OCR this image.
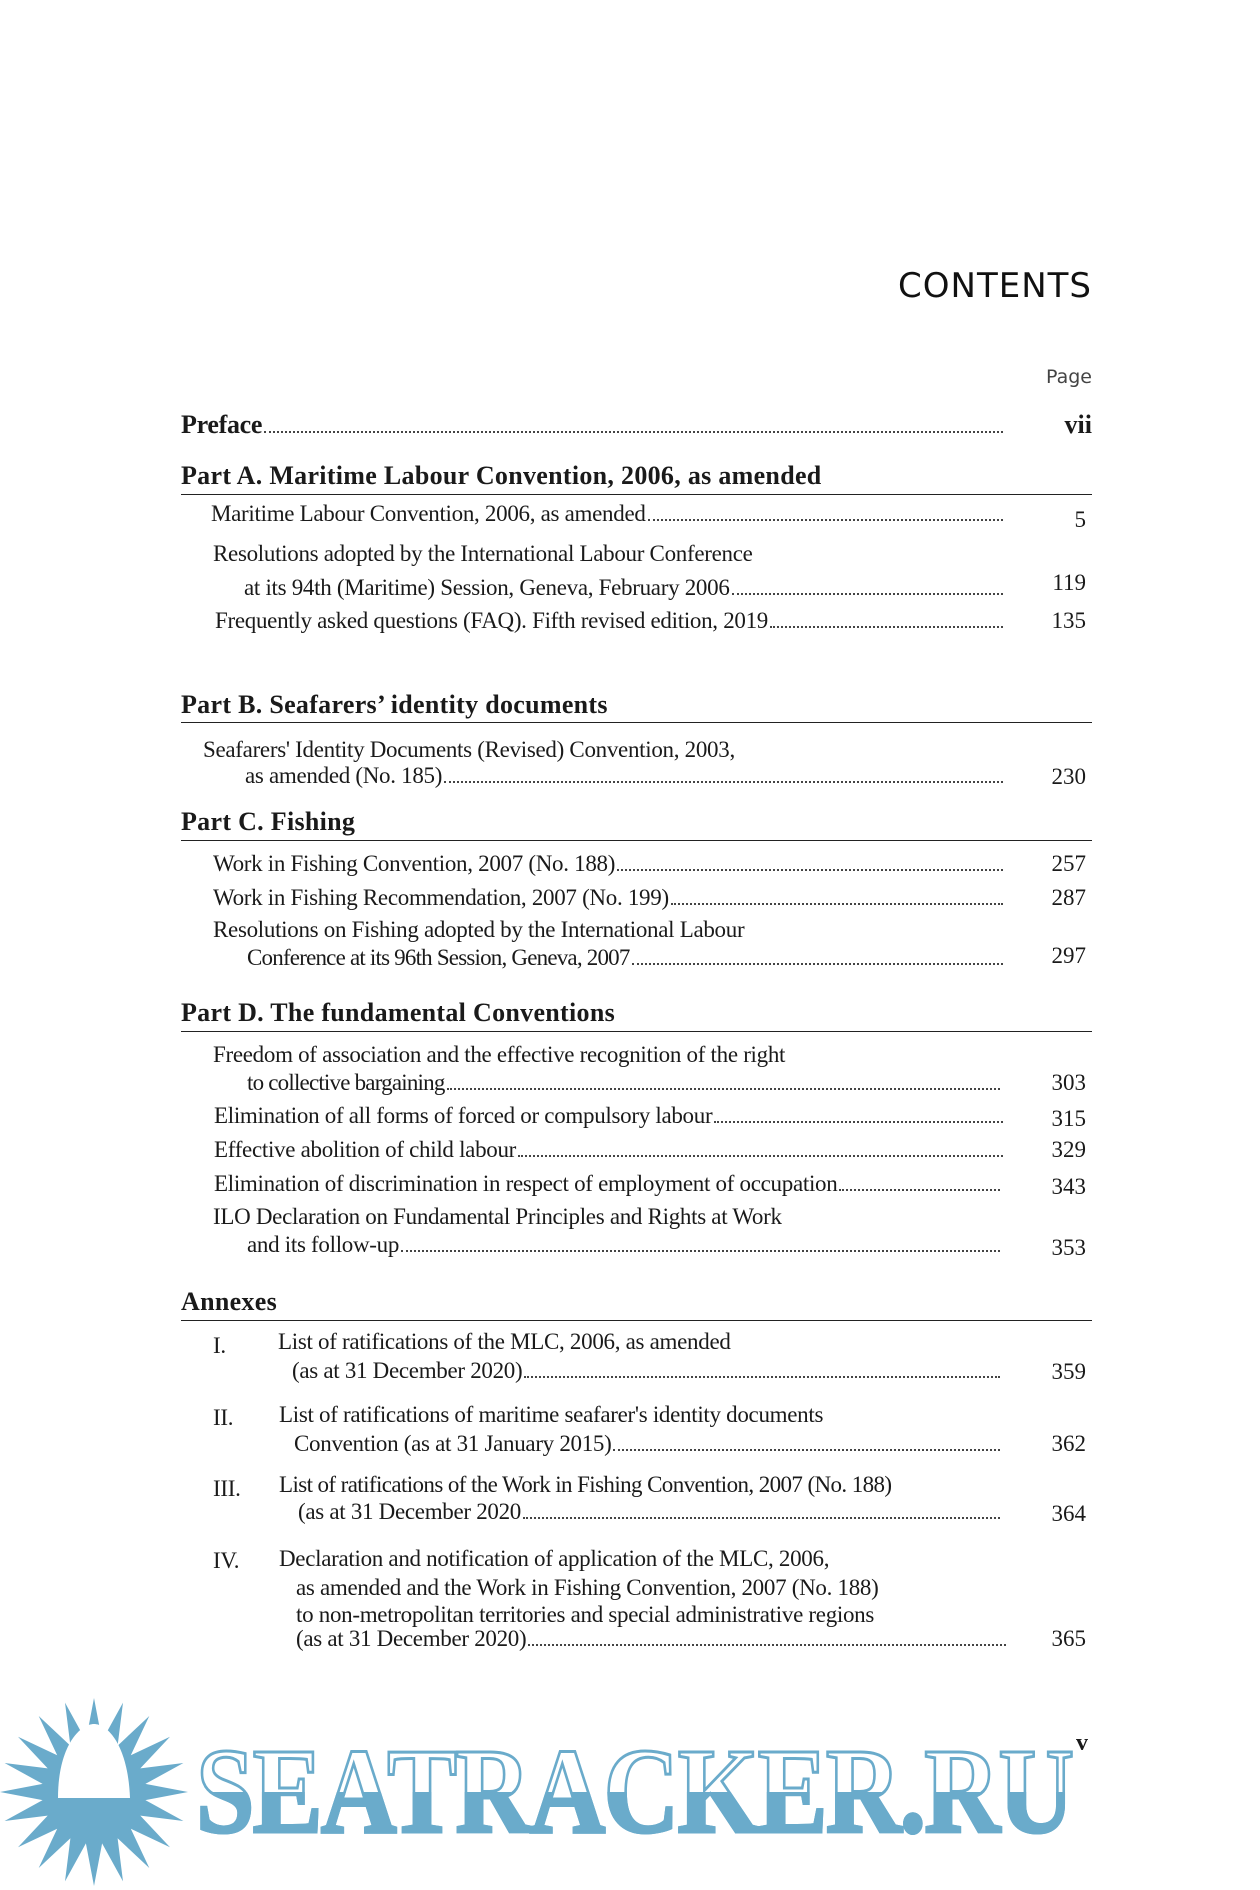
CONTENTS
Page
Preface	vii
Part A. Maritime Labour Convention, 2006, as amended
Maritime Labour Convention, 2006, as amended	5
Resolutions adopted by the International Labour Conference
at its 94th (Maritime) Session, Geneva, February 2006	119
Frequently asked questions (FAQ). Fifth revised edition, 2019	135
Part B. Seafarers’ identity documents
Seafarers' Identity Documents (Revised) Convention, 2003,
as amended (No. 185)	230
Part C. Fishing
Work in Fishing Convention, 2007 (No. 188)	257
Work in Fishing Recommendation, 2007 (No. 199)	287
Resolutions on Fishing adopted by the International Labour
Conference at its 96th Session, Geneva, 2007	297
Part D. The fundamental Conventions
Freedom of association and the effective recognition of the right
to collective bargaining	303
Elimination of all forms of forced or compulsory labour	315
Effective abolition of child labour	329
Elimination of discrimination in respect of employment of occupation	343
ILO Declaration on Fundamental Principles and Rights at Work
and its follow-up	353
Annexes
I. List of ratifications of the MLC, 2006, as amended
(as at 31 December 2020)	359
II. List of ratifications of maritime seafarer's identity documents
Convention (as at 31 January 2015)	362
III. List of ratifications of the Work in Fishing Convention, 2007 (No. 188)
(as at 31 December 2020	364
IV. Declaration and notification of application of the MLC, 2006,
as amended and the Work in Fishing Convention, 2007 (No. 188)
to non-metropolitan territories and special administrative regions
(as at 31 December 2020)	365
SEATRACKER.RU v
